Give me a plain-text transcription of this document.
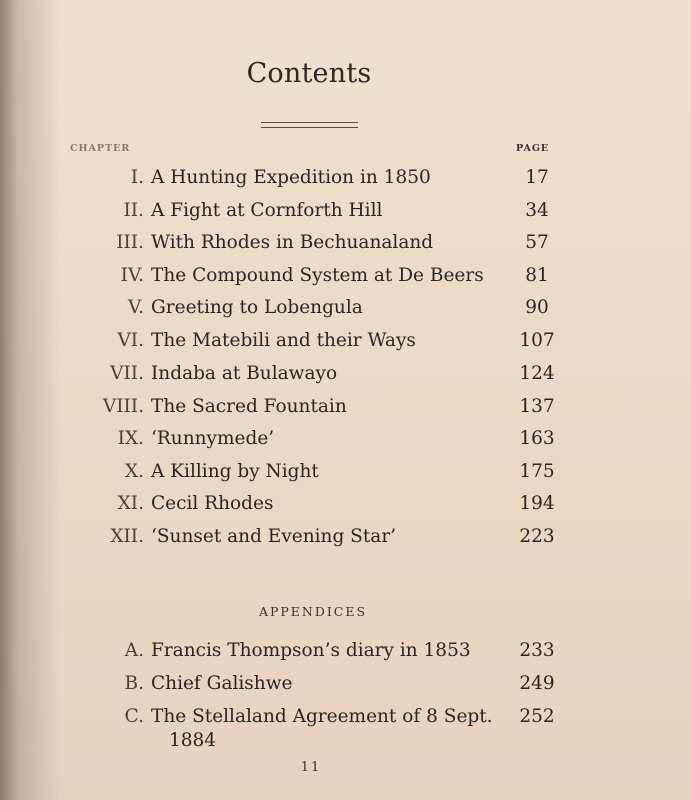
Contents
CHAPTER	PAGE
I. A Hunting Expedition in 1850	17
II. A Fight at Cornforth Hill	34
III. With Rhodes in Bechuanaland	57
IV. The Compound System at De Beers	81
V. Greeting to Lobengula	90
VI. The Matebili and their Ways	107
VII. Indaba at Bulawayo	124
VIII. The Sacred Fountain	137
IX. ‘Runnymede’	163
X. A Killing by Night	175
XI. Cecil Rhodes	194
XII. ‘Sunset and Evening Star’	223
APPENDICES
A. Francis Thompson’s diary in 1853	233
B. Chief Galishwe	249
C. The Stellaland Agreement of 8 Sept.	252
1884
11
